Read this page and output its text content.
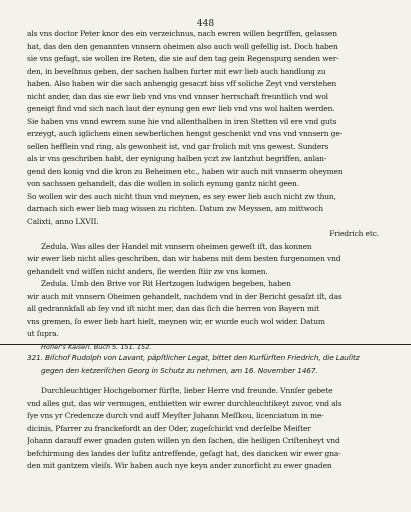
448
als vns doctor Peter knor des ein verzeichnus, nach ewren willen begriffen, gelassen
hat, das den den genannten vnnsern oheimen also auch woll gefellig ist. Doch haben
sie vns gefagt, sie wollen ire Reten, die sie auf den tag gein Regenspurg senden wer-
den, in bevelhnus geben, der sachen halben furter mit ewr lieb auch handlung zu
haben. Also haben wir die sach anhengig gesaczt biss vff soliche Zeyt vnd verstehen
nicht ander, dan das sie ewr lieb vnd vns vnd vnnser herrschaft freuntlich vnd wol
geneigt find vnd sich nach laut der eynung gen ewr lieb vnd vns wol halten werden.
Sie haben vns vnnd ewrem sune hie vnd allenthalben in iren Stetten vil ere vnd guts
erzeygt, auch iglichem einen sewberlichen hengst geschenkt vnd vns vnd vnnsern ge-
sellen hefflein vnd ring, als gewonheit ist, vnd gar frolich mit vns gewest. Sunders
als ir vns geschriben habt, der eynigung halben yczt zw lantzhut begriffen, anlan-
gend den konig vnd die kron zu Beheimen etc., haben wir auch mit vnnserm oheymen
von sachssen gehandelt, das die wollen in solich eynung gantz nicht geen.
So wollen wir des auch nicht thun vnd meynen, es sey ewer lieb auch nicht zw thun,
darnach sich ewer lieb mag wissen zu richten. Datum zw Meyssen, am mittwoch
Calixti, anno LXVII.
Friedrich etc.
Zedula. Was alles der Handel mit vnnsern oheimen geweſt iſt, das konnen
wir ewer lieb nicht alles geschriben, dan wir habens mit dem besten furgenomen vnd
gehandelt vnd wiſſen nicht anders, ſie werden ſtiir zw vns komen.
Zedula. Umb den Brive vor Rit Hertzogen ludwigen begeben, haben
wir auch mit vnnsern Oheimen gehandelt, nachdem vnd in der Bericht gesaſzt iſt, das
all gedrannkfall ab ſey vnd iſt nicht mer, dan das ſich die herren von Bayern mit
vns gremen, ſo ewer lieb hart hielt, meynen wir, er wurde euch wol wider. Datum
ut ſupra.
Höfler's Kaiserl. Buch S. 151. 152.
321. Biſchof Rudolph von Lavant, päpſtlicher Legat, bittet den Kurfürſten Friedrich, die Lauſitz
gegen den ketzeriſchen Georg in Schutz zu nehmen, am 16. November 1467.
Durchleuchtiger Hochgeborner fürſte, lieber Herre vnd freunde. Vnnſer gebete
vnd alles gut, das wir vermugen, entbietten wir ewrer durchleuchtikeyt zuvor, vnd als
ſye vns yr Credencze durch vnd auff Meyſter Johann Meſſkou, licenciatum in me-
dicinis, Pfarrer zu franckefordt an der Oder, zugeſchickt vnd derſelbe Meiſter
Johann darauff ewer gnaden guten willen yn den ſachen, die heiligen Criſtenheyt vnd
befchirmung des landes der luſitz antreffende, geſagt hat, des dancken wir ewer gna-
den mit gantzem vleiſs. Wir haben auch nye keyn ander zunorficht zu ewer gnaden
